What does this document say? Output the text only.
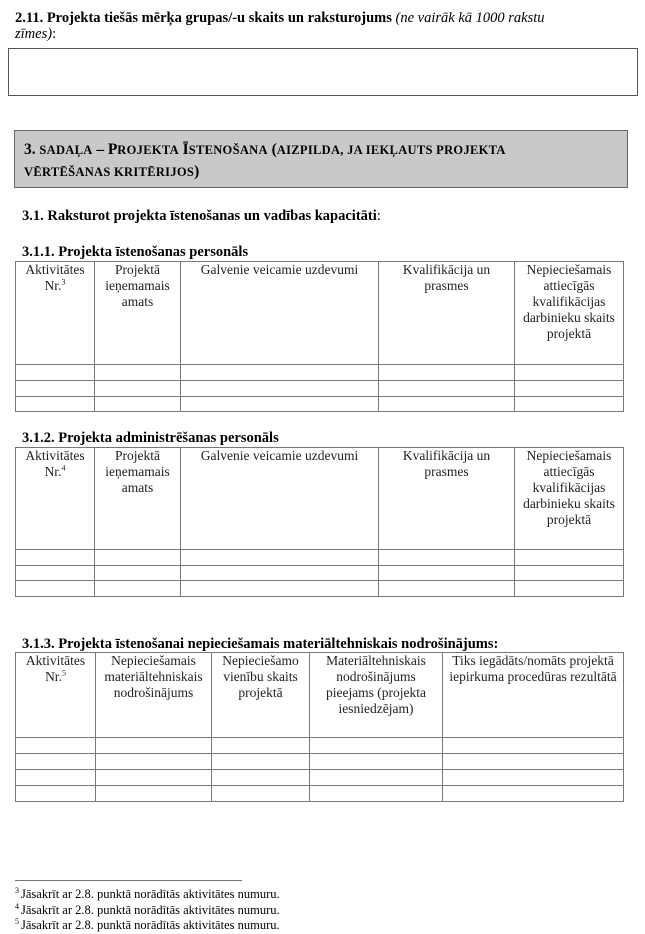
2.11. Projekta tiešās mērķa grupas/-u skaits un raksturojums (ne vairāk kā 1000 rakstu
zīmes):
3. SADAĻA – PROJEKTA ĪSTENOŠANA (AIZPILDA, JA IEKĻAUTS PROJEKTA
VĒRTĒŠANAS KRITĒRIJOS)
3.1. Raksturot projekta īstenošanas un vadības kapacitāti:
3.1.1. Projekta īstenošanas personāls
Aktivitātes Nr.$^3$	Projektā ieņemamais amats	Galvenie veicamie uzdevumi	Kvalifikācija un prasmes	Nepieciešamais attiecīgās kvalifikācijas darbinieku skaits projektā

3.1.2. Projekta administrēšanas personāls
Aktivitātes Nr.$^4$	Projektā ieņemamais amats	Galvenie veicamie uzdevumi	Kvalifikācija un prasmes	Nepieciešamais attiecīgās kvalifikācijas darbinieku skaits projektā

3.1.3. Projekta īstenošanai nepieciešamais materiāltehniskais nodrošinājums:
Aktivitātes Nr.$^5$	Nepieciešamais materiāltehniskais nodrošinājums	Nepieciešamo vienību skaits projektā	Materiāltehniskais nodrošinājums pieejams (projekta iesniedzējam)	Tiks iegādāts/nomāts projektā iepirkuma procedūras rezultātā

$^3$ Jāsakrīt ar 2.8. punktā norādītās aktivitātes numuru.
$^4$ Jāsakrīt ar 2.8. punktā norādītās aktivitātes numuru.
$^5$ Jāsakrīt ar 2.8. punktā norādītās aktivitātes numuru.
